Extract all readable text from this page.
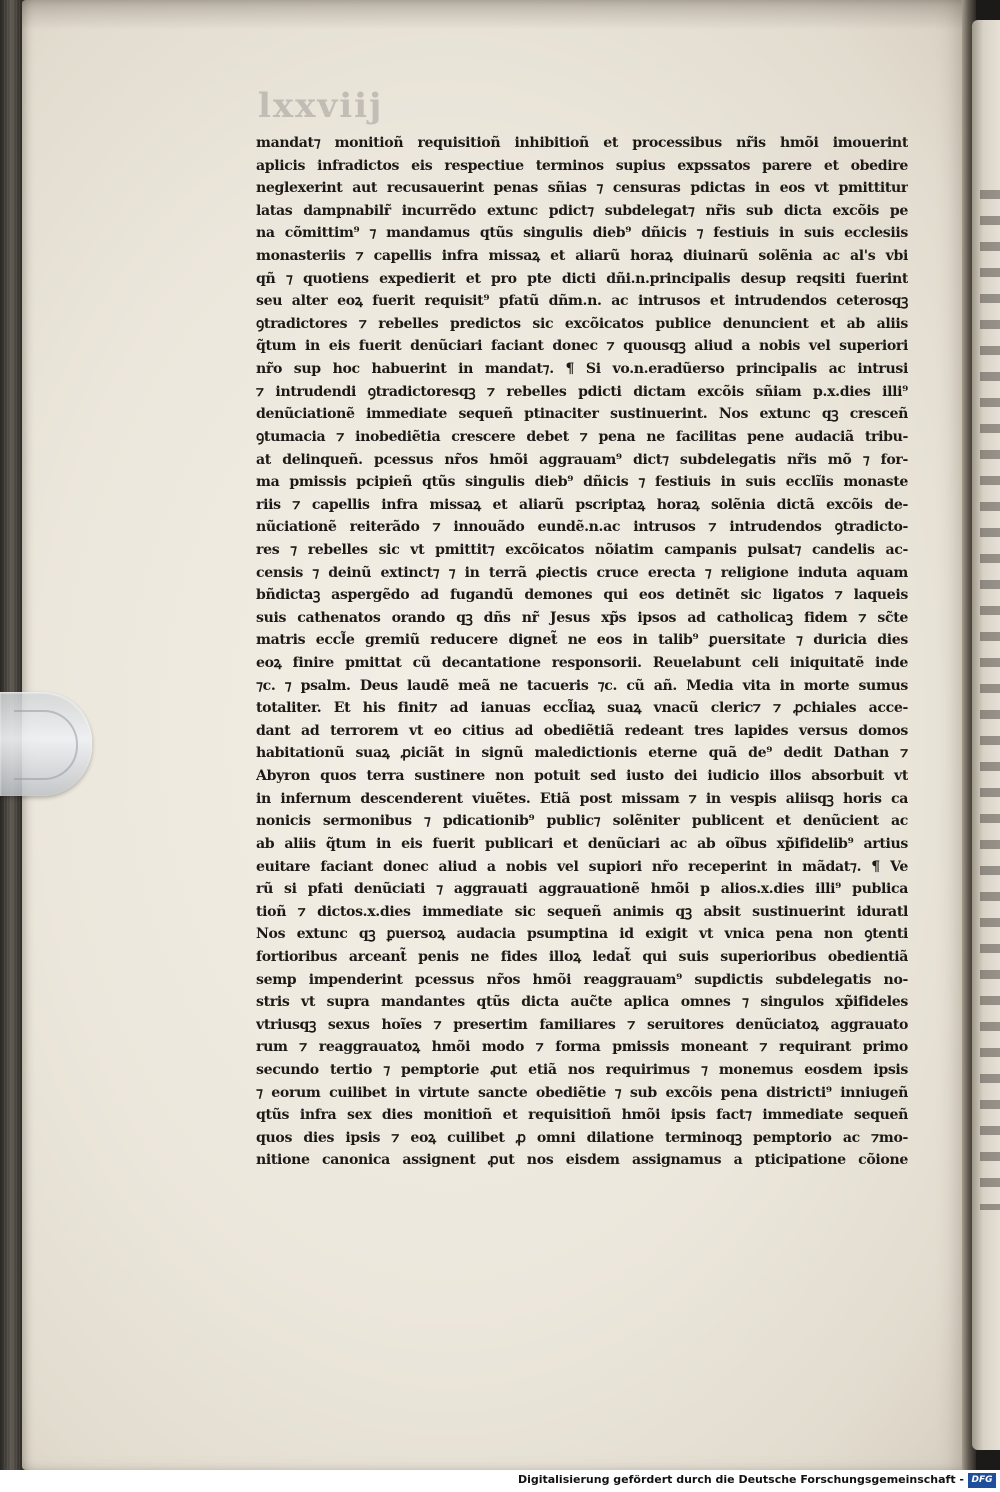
lxxviij
mandat⁊ monitioñ requisitioñ inhibitioñ et processibus nr̃is hmõi imouerint
aplicis infradictos eis respectiue terminos supius expssatos parere et obedire
neglexerint aut recusauerint penas sñias ⁊ censuras pdictas in eos vt pmittitur
latas dampnabilr̃ incurrẽdo extunc pdict⁊ subdelegat⁊ nr̃is sub dicta excõis pe
na cõmittim⁹ ⁊ mandamus qtũs singulis dieb⁹ dñicis ⁊ festiuis in suis ecclesiis
monasteriis ⁊ capellis infra missaꝝ et aliarũ horaꝝ diuinarũ solẽnia ac al's vbi
qñ ⁊ quotiens expedierit et pro pte dicti dñi.n.principalis desup reqsiti fuerint
seu alter eoꝝ fuerit requisit⁹ pfatũ dñm.n. ac intrusos et intrudendos ceterosqꝫ
ꝯtradictores ⁊ rebelles predictos sic excõicatos publice denuncient et ab aliis
q̃tum in eis fuerit denũciari faciant donec ⁊ quousqꝫ aliud a nobis vel superiori
nr̃o sup hoc habuerint in mandat⁊. ¶ Si vo.n.eradũerso principalis ac intrusi
⁊ intrudendi ꝯtradictoresqꝫ ⁊ rebelles pdicti dictam excõis sñiam p.x.dies illi⁹
denũciationẽ immediate sequeñ ptinaciter sustinuerint. Nos extunc qꝫ cresceñ
ꝯtumacia ⁊ inobediẽtia crescere debet ⁊ pena ne facilitas pene audaciã tribu-
at delinqueñ. pcessus nr̃os hmõi aggrauam⁹ dict⁊ subdelegatis nr̃is mõ ⁊ for-
ma pmissis pcipieñ qtũs singulis dieb⁹ dñicis ⁊ festiuis in suis ecclĩis monaste
riis ⁊ capellis infra missaꝝ et aliarũ pscriptaꝝ horaꝝ solẽnia dictã excõis de-
nũciationẽ reiterãdo ⁊ innouãdo eundẽ.n.ac intrusos ⁊ intrudendos ꝯtradicto-
res ⁊ rebelles sic vt pmittit⁊ excõicatos nõiatim campanis pulsat⁊ candelis ac-
censis ⁊ deinũ extinct⁊ ⁊ in terrã ꝓiectis cruce erecta ⁊ religione induta aquam
bñdictaꝫ aspergẽdo ad fugandũ demones qui eos detinẽt sic ligatos ⁊ laqueis
suis cathenatos orando qꝫ dñs nr̃ Jesus xp̃s ipsos ad catholicaꝫ fidem ⁊ sc̃te
matris eccl̃e gremiũ reducere dignet̃ ne eos in talib⁹ ꝑuersitate ⁊ duricia dies
eoꝝ finire pmittat cũ decantatione responsorii. Reuelabunt celi iniquitatẽ inde
⁊c. ⁊ psalm. Deus laudẽ meã ne tacueris ⁊c. cũ añ. Media vita in morte sumus
totaliter. Et his finit⁊ ad ianuas eccl̃iaꝝ suaꝝ vnacũ cleric⁊ ⁊ ꝓchiales acce-
dant ad terrorem vt eo citius ad obediẽtiã redeant tres lapides versus domos
habitationũ suaꝝ ꝓiciãt in signũ maledictionis eterne quã de⁹ dedit Dathan ⁊
Abyron quos terra sustinere non potuit sed iusto dei iudicio illos absorbuit vt
in infernum descenderent viuẽtes. Etiã post missam ⁊ in vespis aliisqꝫ horis ca
nonicis sermonibus ⁊ pdicationib⁹ public⁊ solẽniter publicent et denũcient ac
ab aliis q̃tum in eis fuerit publicari et denũciari ac ab oĩbus xp̃ifidelib⁹ artius
euitare faciant donec aliud a nobis vel supiori nr̃o receperint in mãdat⁊. ¶ Ve
rũ si pfati denũciati ⁊ aggrauati aggrauationẽ hmõi p alios.x.dies illi⁹ publica
tioñ ⁊ dictos.x.dies immediate sic sequeñ animis qꝫ absit sustinuerint iduratl
Nos extunc qꝫ ꝑuersoꝝ audacia psumptina id exigit vt vnica pena non ꝯtenti
fortioribus arceant̃ penis ne fides illoꝝ ledat̃ qui suis superioribus obedientiã
semp impenderint pcessus nr̃os hmõi reaggrauam⁹ supdictis subdelegatis no-
stris vt supra mandantes qtũs dicta auc̃te aplica omnes ⁊ singulos xp̃ifideles
vtriusqꝫ sexus hoĩes ⁊ presertim familiares ⁊ seruitores denũciatoꝝ aggrauato
rum ⁊ reaggrauatoꝝ hmõi modo ⁊ forma pmissis moneant ⁊ requirant primo
secundo tertio ⁊ pemptorie ꝓut etiã nos requirimus ⁊ monemus eosdem ipsis
⁊ eorum cuilibet in virtute sancte obediẽtie ⁊ sub excõis pena districti⁹ inniugeñ
qtũs infra sex dies monitioñ et requisitioñ hmõi ipsis fact⁊ immediate sequeñ
quos dies ipsis ⁊ eoꝝ cuilibet ꝓ omni dilatione terminoqꝫ pemptorio ac ⁊mo-
nitione canonica assignent ꝓut nos eisdem assignamus a pticipatione cõione
Digitalisierung gefördert durch die Deutsche Forschungsgemeinschaft - DFG
